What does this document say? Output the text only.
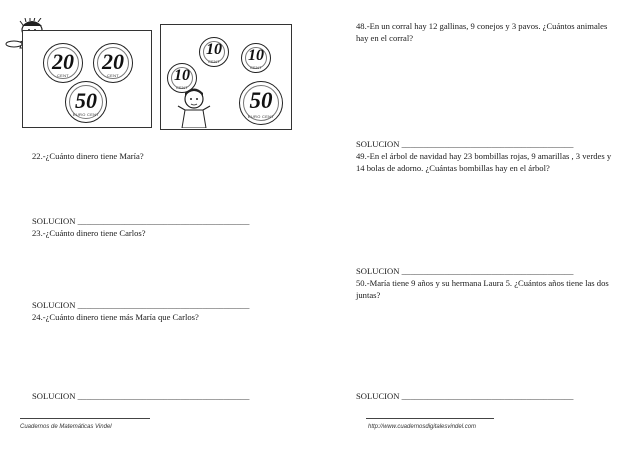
20
CENT
20
CENT
50
EURO CENT
10
CENT	10
CENT
10
CENT
50
EURO CENT
22.-¿Cuánto dinero tiene María?
SOLUCION ________________________________________
23.-¿Cuánto dinero tiene Carlos?
SOLUCION ________________________________________
24.-¿Cuánto dinero tiene más María que Carlos?
SOLUCION ________________________________________
48.-En un corral hay 12 gallinas, 9 conejos y 3 pavos. ¿Cuántos animales hay en el corral?
SOLUCION ________________________________________
49.-En el árbol de navidad hay 23 bombillas rojas, 9 amarillas , 3 verdes y 14 bolas de adorno. ¿Cuántas bombillas hay en el árbol?
SOLUCION ________________________________________
50.-María tiene 9 años y su hermana Laura 5. ¿Cuántos años tiene las dos juntas?
SOLUCION ________________________________________
Cuadernos de Matemáticas Vindel	http://www.cuadernosdigitalesvindel.com
